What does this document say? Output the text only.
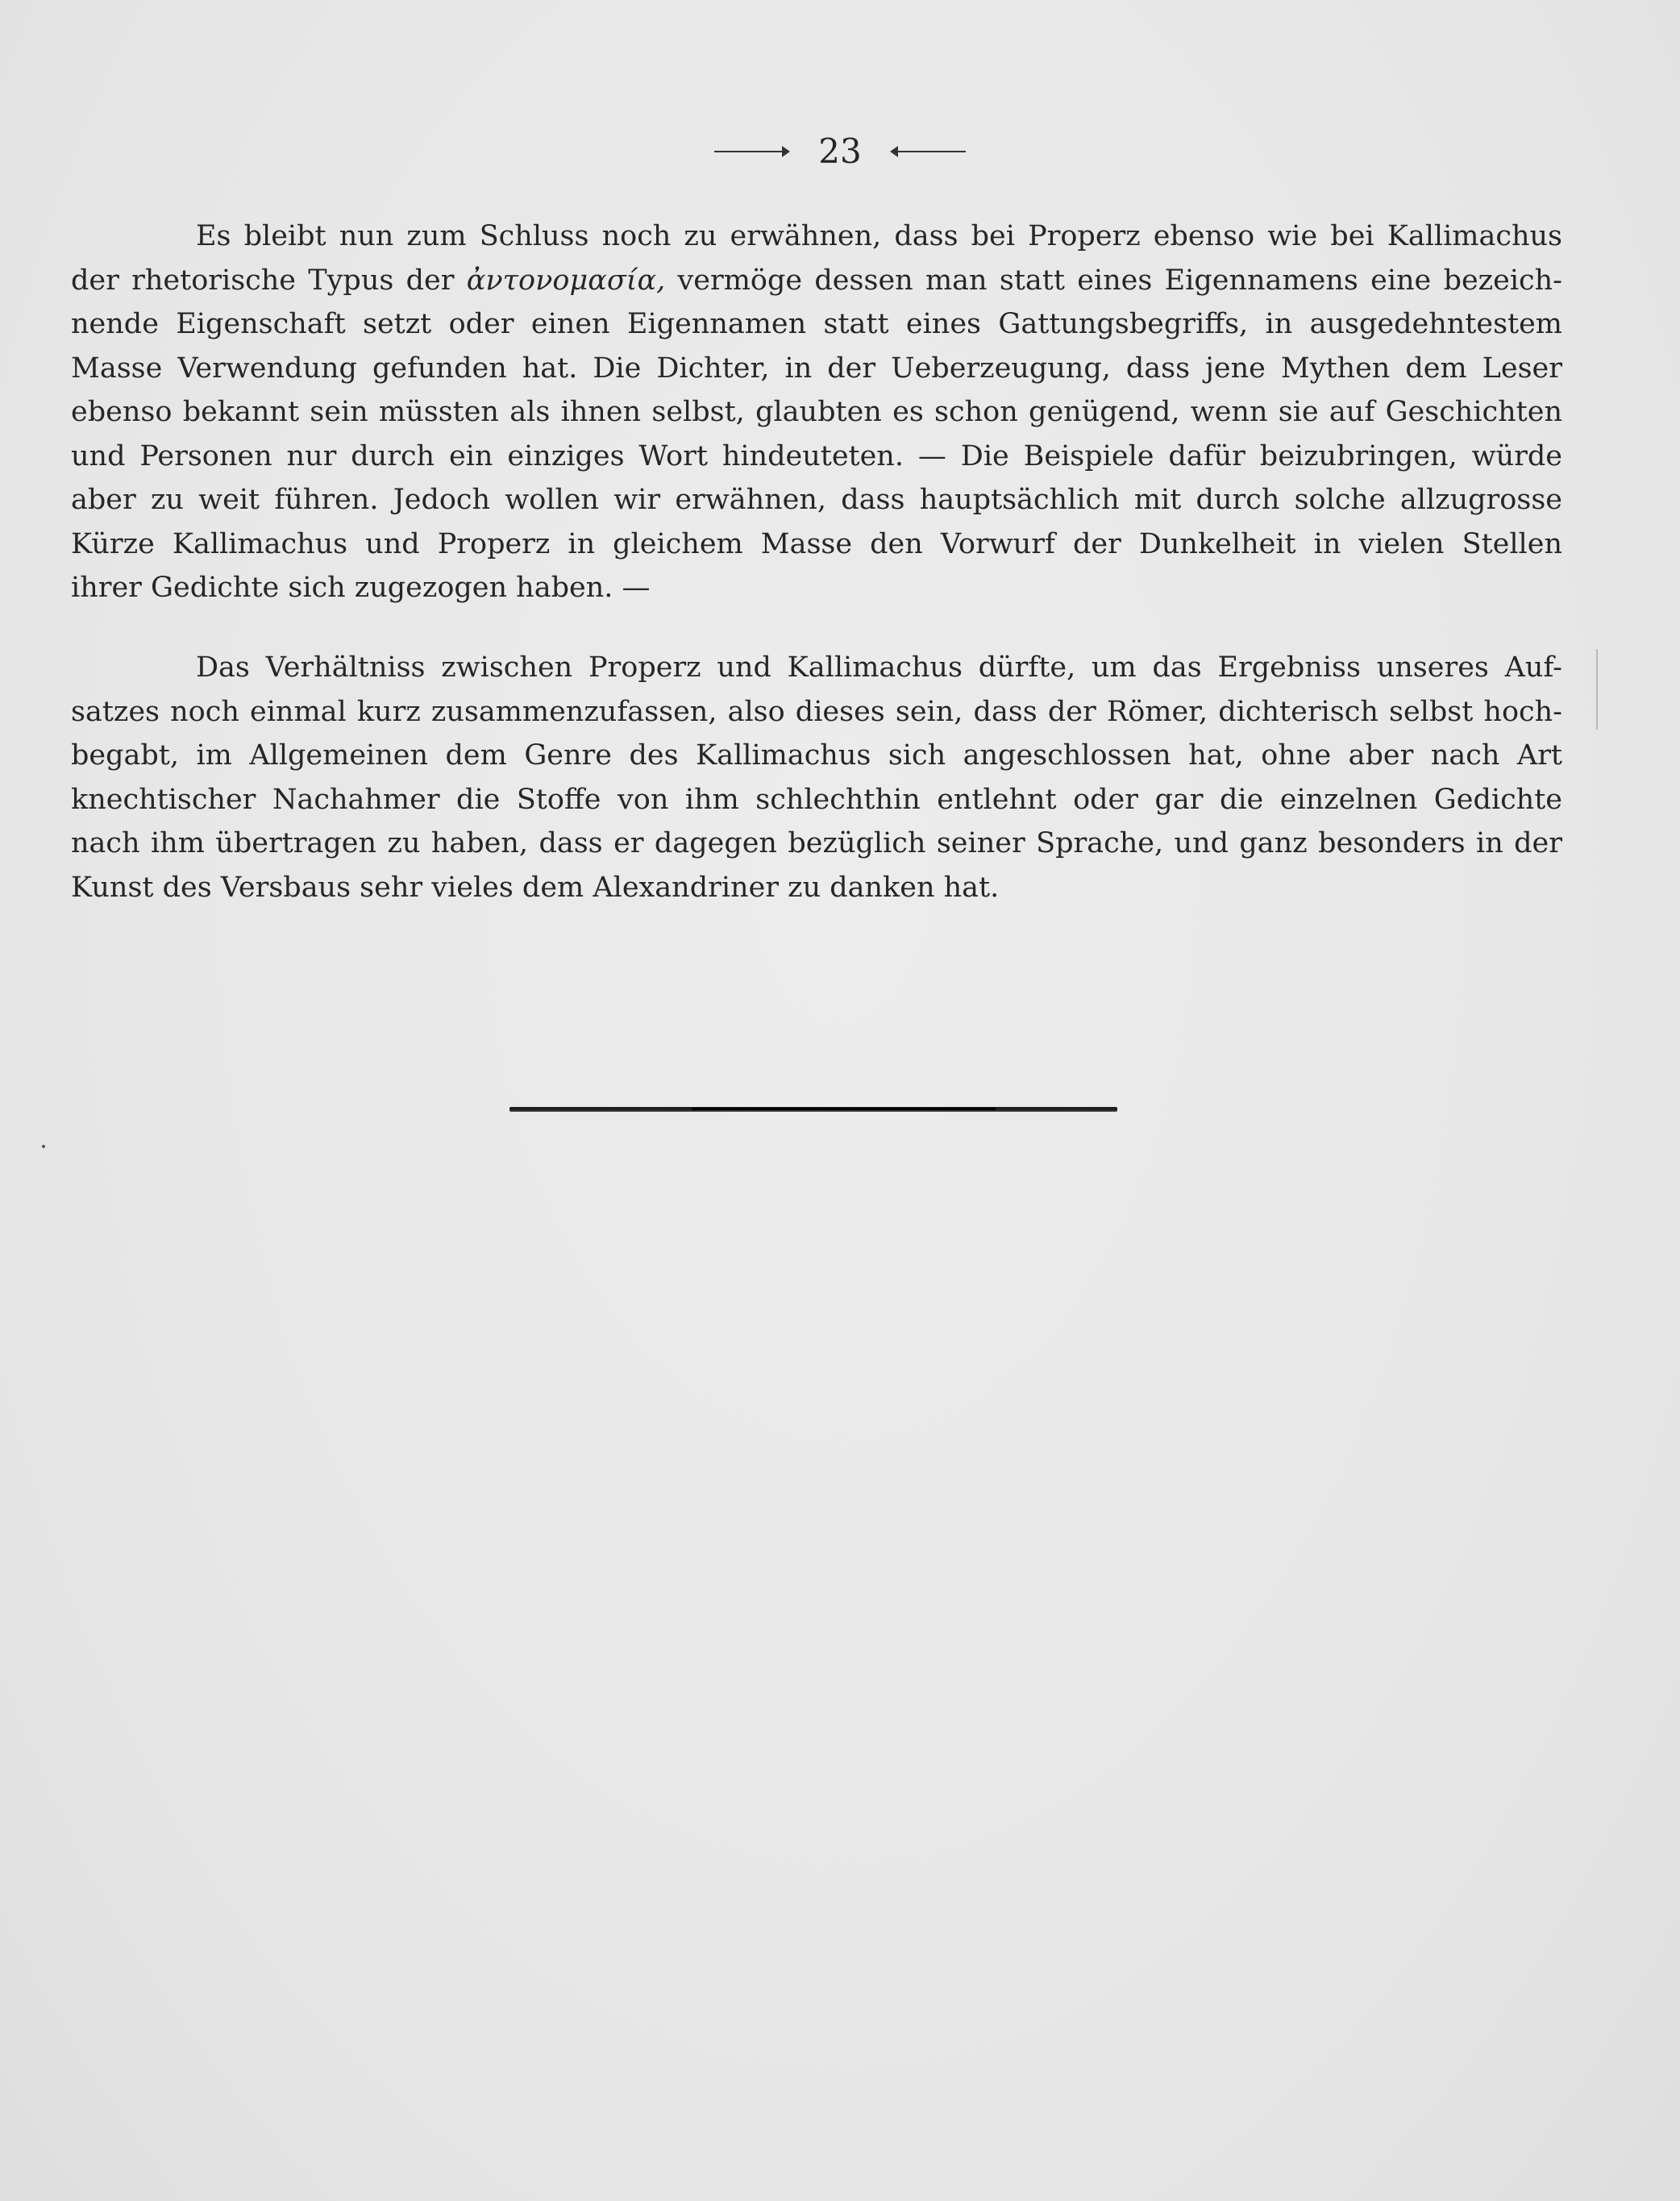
23
Es bleibt nun zum Schluss noch zu erwähnen, dass bei Properz ebenso wie bei Kallimachus
der rhetorische Typus der ἀντονομασία, vermöge dessen man statt eines Eigennamens eine bezeich-
nende Eigenschaft setzt oder einen Eigennamen statt eines Gattungsbegriffs, in ausgedehntestem
Masse Verwendung gefunden hat. Die Dichter, in der Ueberzeugung, dass jene Mythen dem Leser
ebenso bekannt sein müssten als ihnen selbst, glaubten es schon genügend, wenn sie auf Geschichten
und Personen nur durch ein einziges Wort hindeuteten. — Die Beispiele dafür beizubringen, würde
aber zu weit führen. Jedoch wollen wir erwähnen, dass hauptsächlich mit durch solche allzugrosse
Kürze Kallimachus und Properz in gleichem Masse den Vorwurf der Dunkelheit in vielen Stellen
ihrer Gedichte sich zugezogen haben. —
Das Verhältniss zwischen Properz und Kallimachus dürfte, um das Ergebniss unseres Auf-
satzes noch einmal kurz zusammenzufassen, also dieses sein, dass der Römer, dichterisch selbst hoch-
begabt, im Allgemeinen dem Genre des Kallimachus sich angeschlossen hat, ohne aber nach Art
knechtischer Nachahmer die Stoffe von ihm schlechthin entlehnt oder gar die einzelnen Gedichte
nach ihm übertragen zu haben, dass er dagegen bezüglich seiner Sprache, und ganz besonders in der
Kunst des Versbaus sehr vieles dem Alexandriner zu danken hat.
